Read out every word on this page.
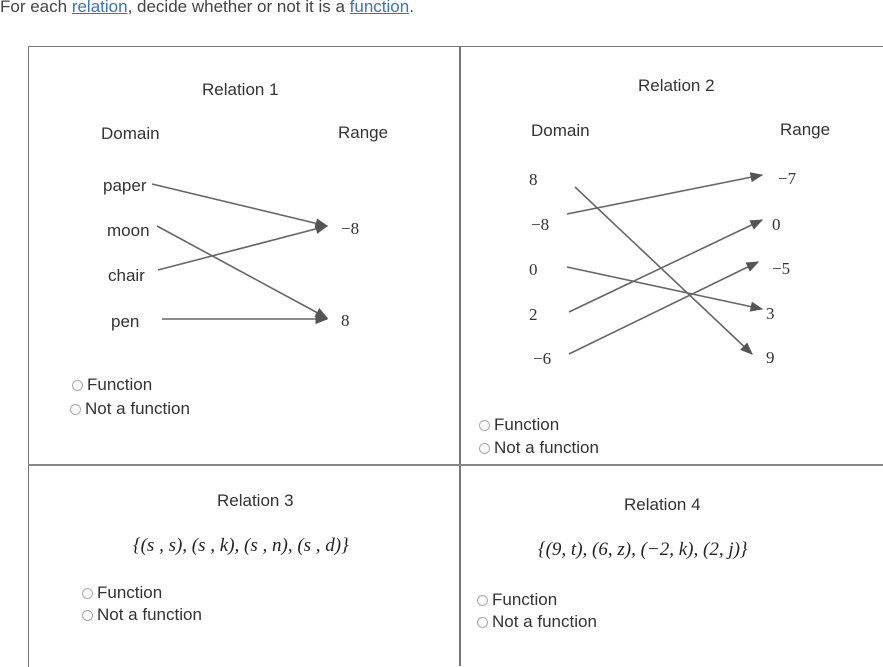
For each relation, decide whether or not it is a function.
Relation 1
Domain	Range
paper
moon
chair
pen
−8
8
Function
Not a function
Relation 2
Domain	Range
8
−8
0
2
−6
−7
0
−5
3
9
Function
Not a function
Relation 3
{(s , s), (s , k), (s , n), (s , d)}
Function
Not a function
Relation 4
{(9, t), (6, z), (−2, k), (2, j)}
Function
Not a function
